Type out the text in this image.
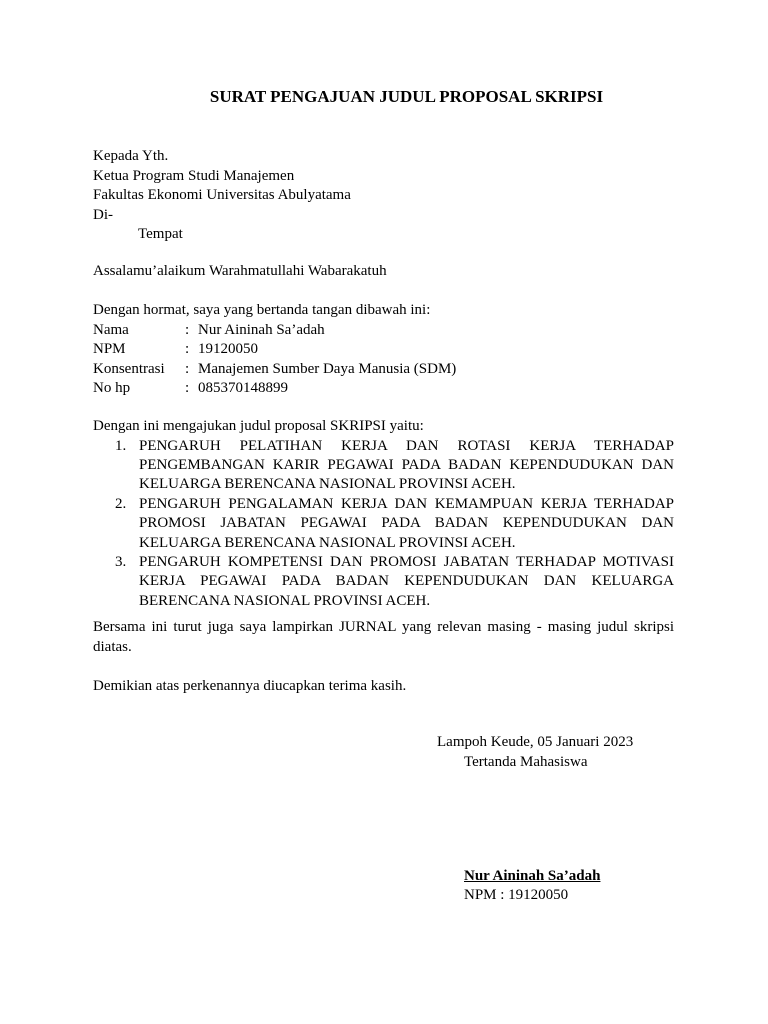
SURAT PENGAJUAN JUDUL PROPOSAL SKRIPSI
Kepada Yth.
Ketua Program Studi Manajemen
Fakultas Ekonomi Universitas Abulyatama
Di-
Tempat
Assalamu’alaikum Warahmatullahi Wabarakatuh
Dengan hormat, saya yang bertanda tangan dibawah ini:
Nama	: Nur Aininah Sa’adah
NPM	: 19120050
Konsentrasi	: Manajemen Sumber Daya Manusia (SDM)
No hp	: 085370148899
Dengan ini mengajukan judul proposal SKRIPSI yaitu:
1. PENGARUH PELATIHAN KERJA DAN ROTASI KERJA TERHADAP PENGEMBANGAN KARIR PEGAWAI PADA BADAN KEPENDUDUKAN DAN KELUARGA BERENCANA NASIONAL PROVINSI ACEH.
2. PENGARUH PENGALAMAN KERJA DAN KEMAMPUAN KERJA TERHADAP PROMOSI JABATAN PEGAWAI PADA BADAN KEPENDUDUKAN DAN KELUARGA BERENCANA NASIONAL PROVINSI ACEH.
3. PENGARUH KOMPETENSI DAN PROMOSI JABATAN TERHADAP MOTIVASI KERJA PEGAWAI PADA BADAN KEPENDUDUKAN DAN KELUARGA BERENCANA NASIONAL PROVINSI ACEH.
Bersama ini turut juga saya lampirkan JURNAL yang relevan masing - masing judul skripsi diatas.
Demikian atas perkenannya diucapkan terima kasih.
Lampoh Keude, 05 Januari 2023
Tertanda Mahasiswa
Nur Aininah Sa’adah
NPM : 19120050
